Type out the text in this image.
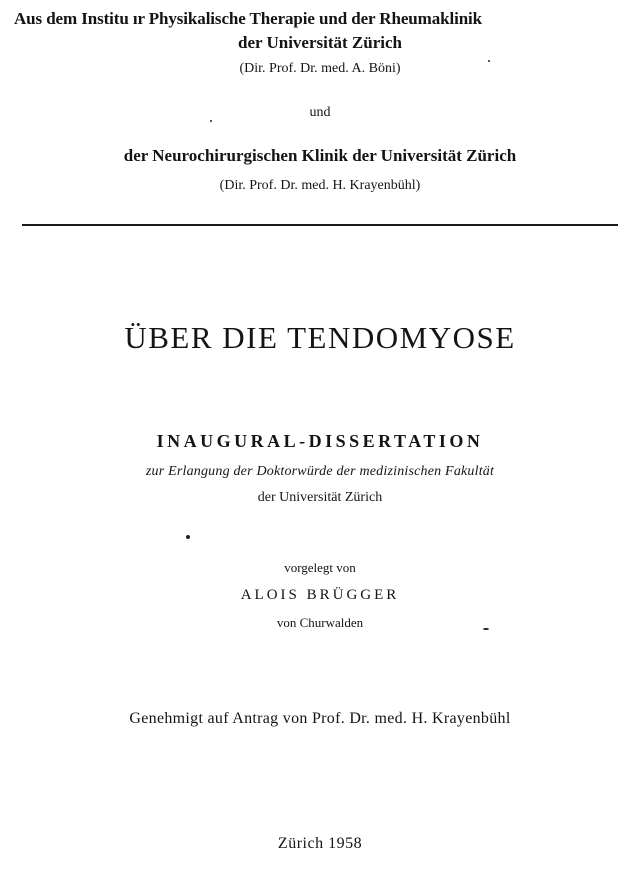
Aus dem Institu ır Physikalische Therapie und der Rheumaklinik
der Universität Zürich
(Dir. Prof. Dr. med. A. Böni)
und
der Neurochirurgischen Klinik der Universität Zürich
(Dir. Prof. Dr. med. H. Krayenbühl)
ÜBER DIE TENDOMYOSE
INAUGURAL-DISSERTATION
zur Erlangung der Doktorwürde der medizinischen Fakultät
der Universität Zürich
vorgelegt von
ALOIS BRÜGGER
von Churwalden
Genehmigt auf Antrag von Prof. Dr. med. H. Krayenbühl
Zürich 1958
